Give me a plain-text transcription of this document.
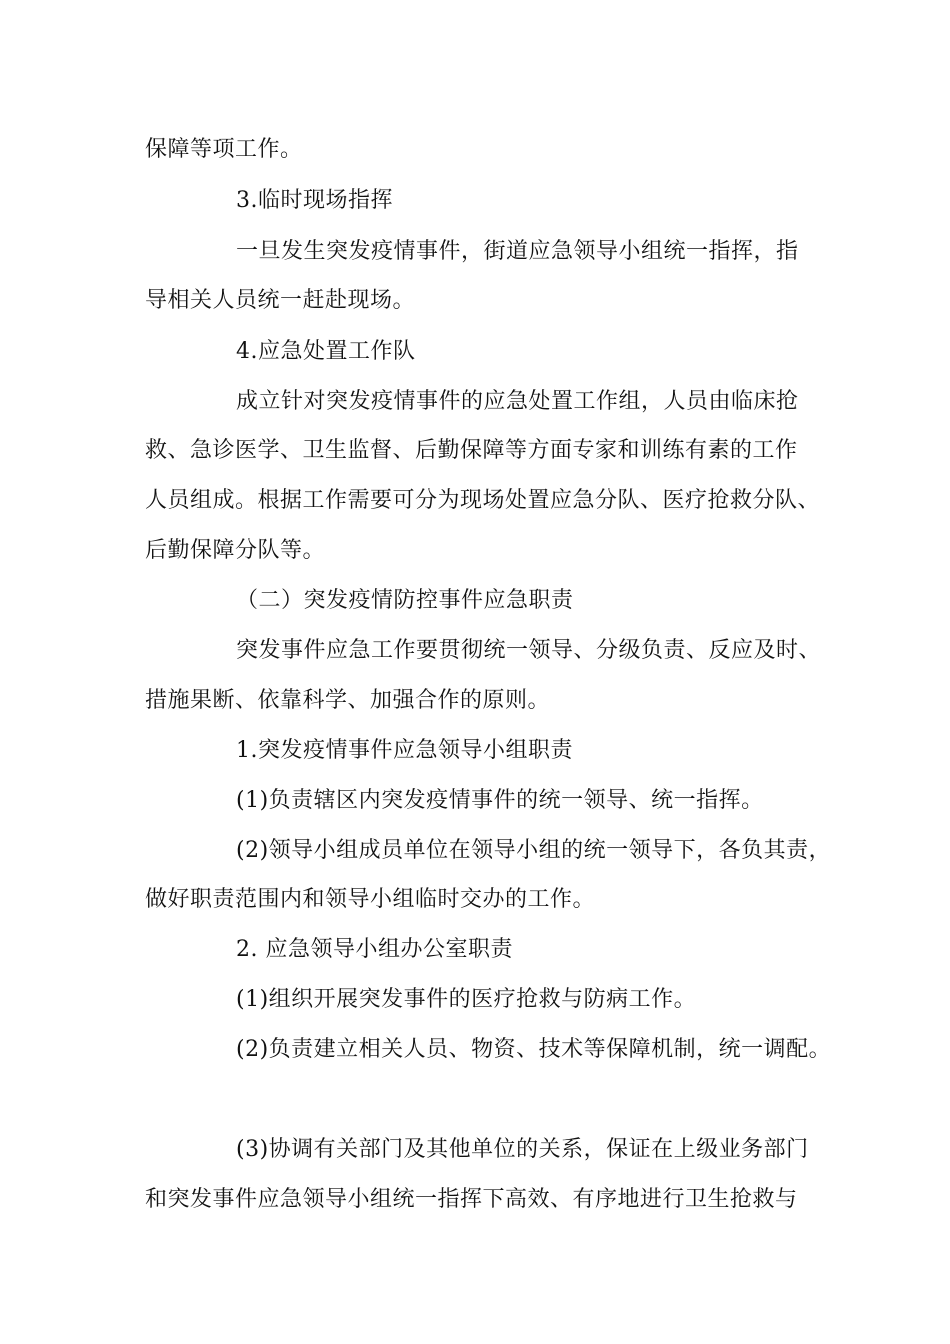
保障等项工作。
3.临时现场指挥
一旦发生突发疫情事件，街道应急领导小组统一指挥，指
导相关人员统一赶赴现场。
4.应急处置工作队
成立针对突发疫情事件的应急处置工作组，人员由临床抢
救、急诊医学、卫生监督、后勤保障等方面专家和训练有素的工作
人员组成。根据工作需要可分为现场处置应急分队、医疗抢救分队、
后勤保障分队等。
（二）突发疫情防控事件应急职责
突发事件应急工作要贯彻统一领导、分级负责、反应及时、
措施果断、依靠科学、加强合作的原则。
1.突发疫情事件应急领导小组职责
(1)负责辖区内突发疫情事件的统一领导、统一指挥。
(2)领导小组成员单位在领导小组的统一领导下，各负其责，
做好职责范围内和领导小组临时交办的工作。
2. 应急领导小组办公室职责
(1)组织开展突发事件的医疗抢救与防病工作。
(2)负责建立相关人员、物资、技术等保障机制，统一调配。
(3)协调有关部门及其他单位的关系，保证在上级业务部门
和突发事件应急领导小组统一指挥下高效、有序地进行卫生抢救与
